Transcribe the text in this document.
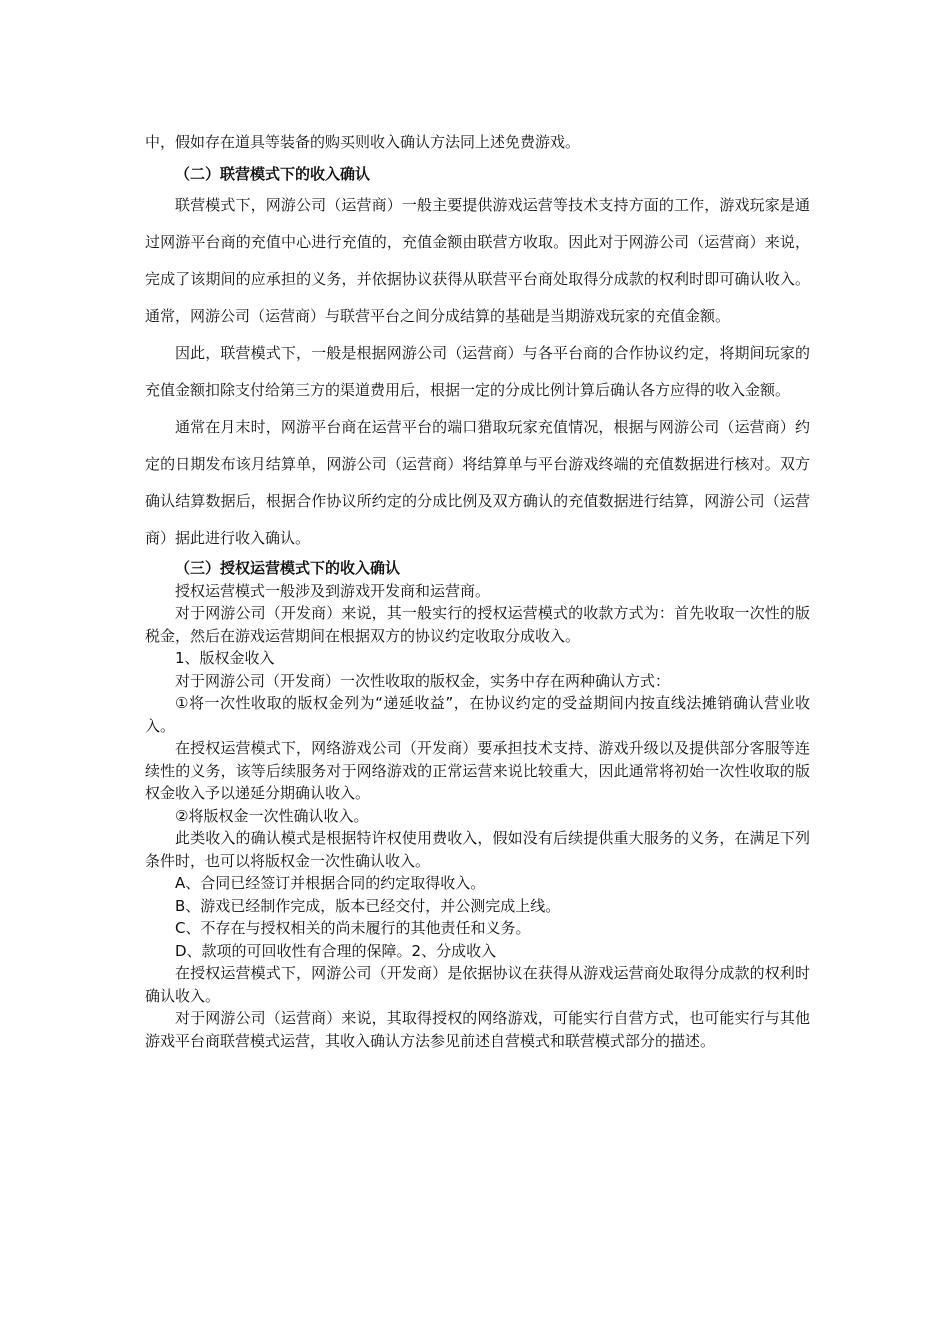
中，假如存在道具等装备的购买则收入确认方法同上述免费游戏。

（二）联营模式下的收入确认

联营模式下，网游公司（运营商）一般主要提供游戏运营等技术支持方面的工作，游戏玩家是通过网游平台商的充值中心进行充值的，充值金额由联营方收取。因此对于网游公司（运营商）来说，完成了该期间的应承担的义务，并依据协议获得从联营平台商处取得分成款的权利时即可确认收入。通常，网游公司（运营商）与联营平台之间分成结算的基础是当期游戏玩家的充值金额。

因此，联营模式下，一般是根据网游公司（运营商）与各平台商的合作协议约定，将期间玩家的充值金额扣除支付给第三方的渠道费用后，根据一定的分成比例计算后确认各方应得的收入金额。

通常在月末时，网游平台商在运营平台的端口猎取玩家充值情况，根据与网游公司（运营商）约定的日期发布该月结算单，网游公司（运营商）将结算单与平台游戏终端的充值数据进行核对。双方确认结算数据后，根据合作协议所约定的分成比例及双方确认的充值数据进行结算，网游公司（运营商）据此进行收入确认。

（三）授权运营模式下的收入确认

授权运营模式一般涉及到游戏开发商和运营商。

对于网游公司（开发商）来说，其一般实行的授权运营模式的收款方式为：首先收取一次性的版税金，然后在游戏运营期间在根据双方的协议约定收取分成收入。

1、版权金收入

对于网游公司（开发商）一次性收取的版权金，实务中存在两种确认方式：

①将一次性收取的版权金列为“递延收益”，在协议约定的受益期间内按直线法摊销确认营业收入。

在授权运营模式下，网络游戏公司（开发商）要承担技术支持、游戏升级以及提供部分客服等连续性的义务，该等后续服务对于网络游戏的正常运营来说比较重大，因此通常将初始一次性收取的版权金收入予以递延分期确认收入。

②将版权金一次性确认收入。

此类收入的确认模式是根据特许权使用费收入，假如没有后续提供重大服务的义务，在满足下列条件时，也可以将版权金一次性确认收入。

A、合同已经签订并根据合同的约定取得收入。

B、游戏已经制作完成，版本已经交付，并公测完成上线。

C、不存在与授权相关的尚未履行的其他责任和义务。

D、款项的可回收性有合理的保障。2、分成收入

在授权运营模式下，网游公司（开发商）是依据协议在获得从游戏运营商处取得分成款的权利时确认收入。

对于网游公司（运营商）来说，其取得授权的网络游戏，可能实行自营方式，也可能实行与其他游戏平台商联营模式运营，其收入确认方法参见前述自营模式和联营模式部分的描述。
